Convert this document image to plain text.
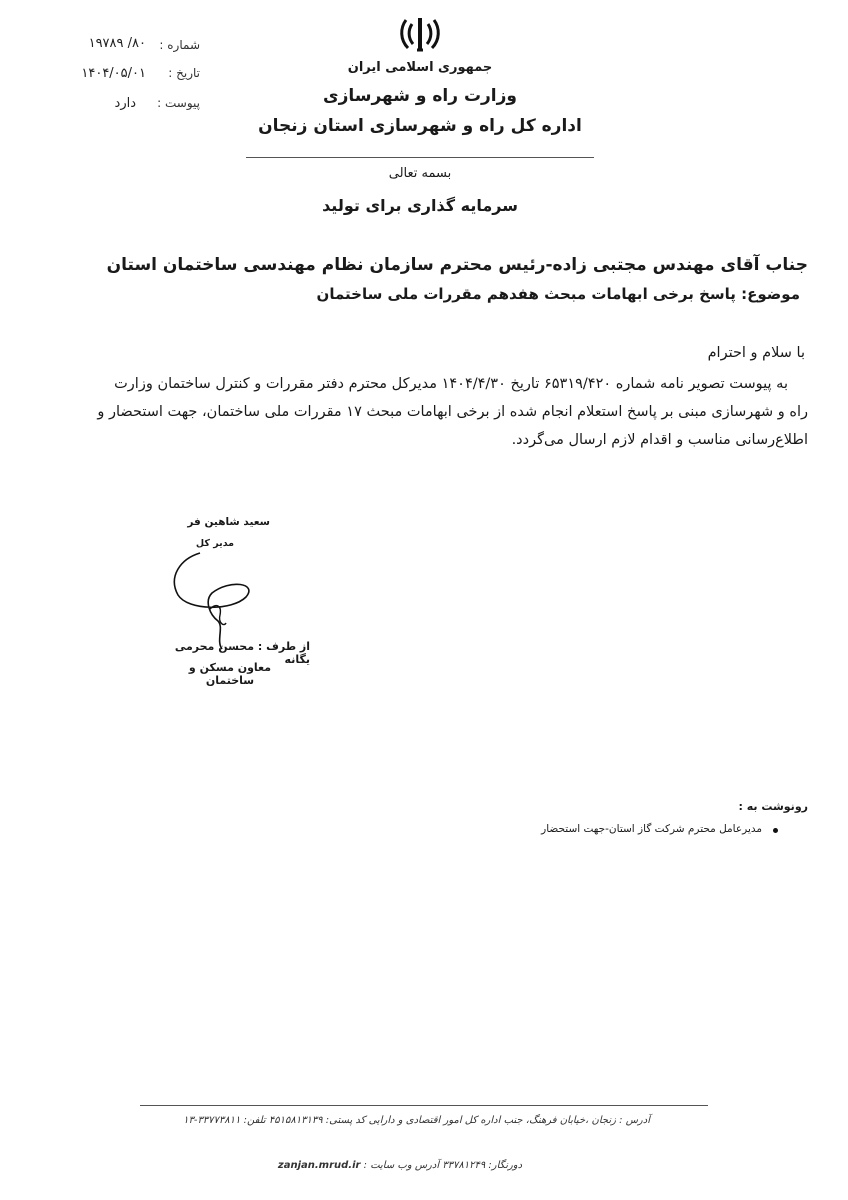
شماره :
۸۰/ ۱۹۷۸۹
تاریخ :
۱۴۰۴/۰۵/۰۱
پیوست :
دارد
جمهوری اسلامی ایران
وزارت راه و شهرسازی
اداره کل راه و شهرسازی استان زنجان
بسمه تعالی
سرمایه گذاری برای تولید
جناب آقای مهندس مجتبی زاده-رئیس محترم سازمان نظام مهندسی ساختمان استان
موضوع: پاسخ برخی ابهامات مبحث هفدهم مقررات ملی ساختمان
با سلام و احترام
به پیوست تصویر نامه شماره ۶۵۳۱۹/۴۲۰ تاریخ ۱۴۰۴/۴/۳۰ مدیرکل محترم دفتر مقررات و کنترل ساختمان وزارت
راه و شهرسازی مبنی بر پاسخ استعلام انجام شده از برخی ابهامات مبحث ۱۷ مقررات ملی ساختمان، جهت استحضار و
اطلاع‌رسانی مناسب و اقدام لازم ارسال می‌گردد.
سعید شاهین فر
مدیر کل
از طرف : محسن محرمی یگانه
معاون مسکن و ساختمان
رونوشت به :
مدیرعامل محترم شرکت گاز استان-جهت استحضار
آدرس : زنجان ،خیابان فرهنگ، جنب اداره کل امور اقتصادی و دارایی کد پستی: ۴۵۱۵۸۱۳۱۳۹ تلفن: ۳۳۷۷۳۸۱۱-۱۳
دورنگار: ۳۳۷۸۱۲۴۹ آدرس وب سایت : zanjan.mrud.ir
